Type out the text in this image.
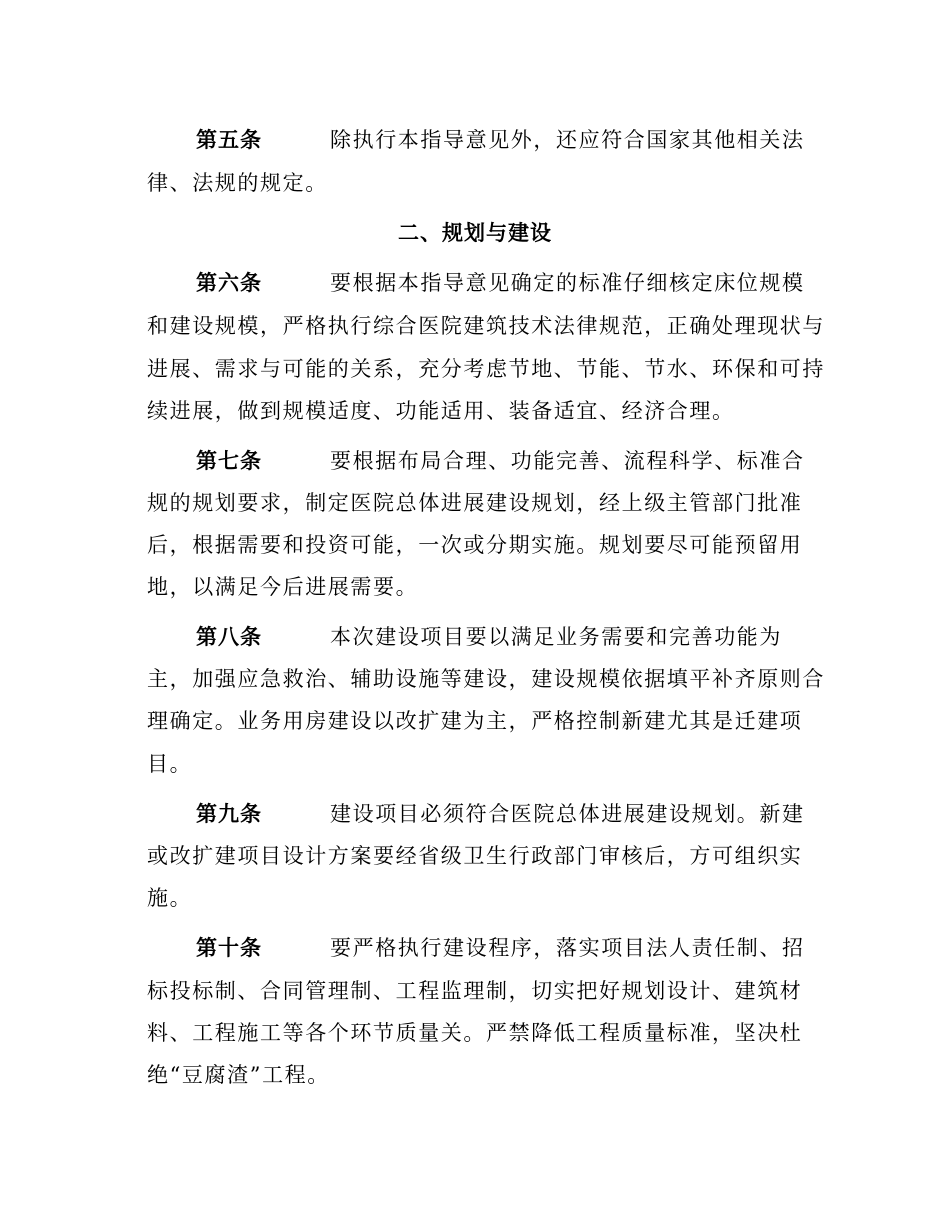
第五条	除执行本指导意见外，还应符合国家其他相关法
律、法规的规定。
二、规划与建设
第六条	要根据本指导意见确定的标准仔细核定床位规模
和建设规模，严格执行综合医院建筑技术法律规范，正确处理现状与
进展、需求与可能的关系，充分考虑节地、节能、节水、环保和可持
续进展，做到规模适度、功能适用、装备适宜、经济合理。
第七条	要根据布局合理、功能完善、流程科学、标准合
规的规划要求，制定医院总体进展建设规划，经上级主管部门批准
后，根据需要和投资可能，一次或分期实施。规划要尽可能预留用
地，以满足今后进展需要。
第八条	本次建设项目要以满足业务需要和完善功能为
主，加强应急救治、辅助设施等建设，建设规模依据填平补齐原则合
理确定。业务用房建设以改扩建为主，严格控制新建尤其是迁建项
目。
第九条	建设项目必须符合医院总体进展建设规划。新建
或改扩建项目设计方案要经省级卫生行政部门审核后，方可组织实
施。
第十条	要严格执行建设程序，落实项目法人责任制、招
标投标制、合同管理制、工程监理制，切实把好规划设计、建筑材
料、工程施工等各个环节质量关。严禁降低工程质量标准，坚决杜
绝“豆腐渣”工程。
